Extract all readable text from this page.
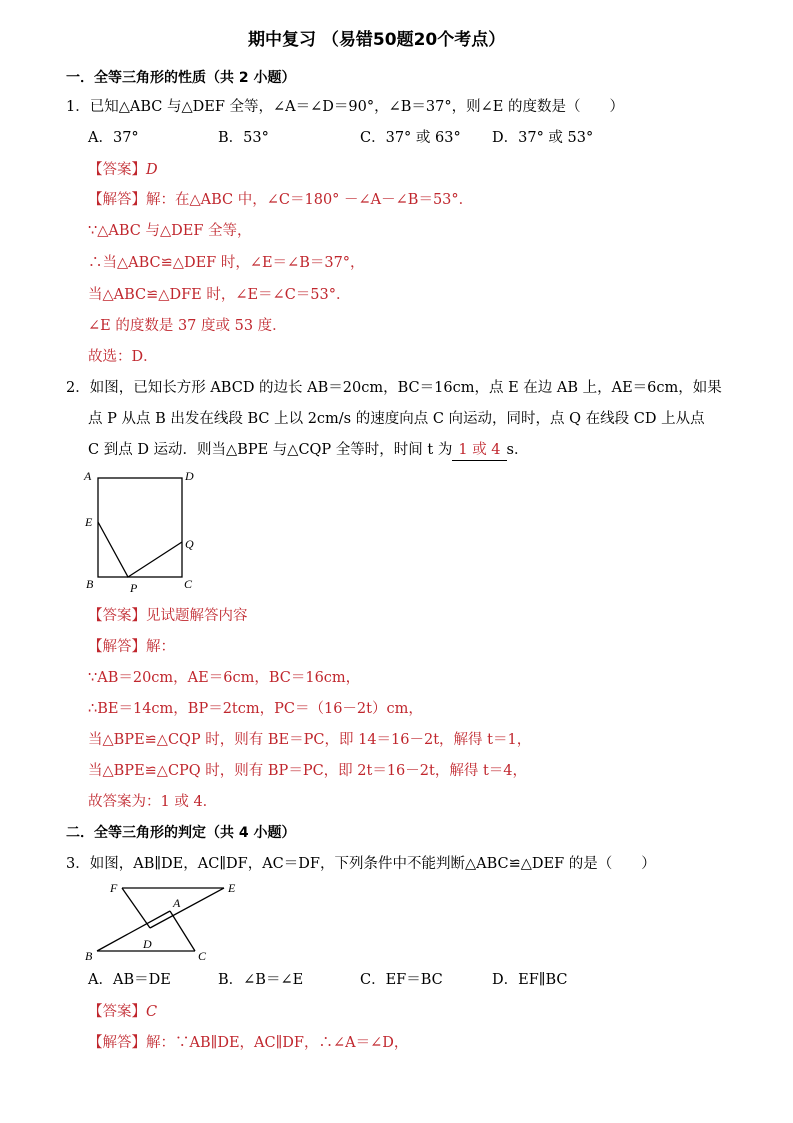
期中复习 （易错50题20个考点）
一．全等三角形的性质（共 2 小题）
1．已知△ABC 与△DEF 全等，∠A＝∠D＝90°，∠B＝37°，则∠E 的度数是（　　）
A．37°	B．53°	C．37° 或 63° D．37° 或 53°
【答案】D
【解答】解：在△ABC 中，∠C＝180° －∠A－∠B＝53°．
∵△ABC 与△DEF 全等，
∴当△ABC≌△DEF 时，∠E＝∠B＝37°，
当△ABC≌△DFE 时，∠E＝∠C＝53°．
∠E 的度数是 37 度或 53 度．
故选：D．
2．如图，已知长方形 ABCD 的边长 AB＝20cm，BC＝16cm，点 E 在边 AB 上，AE＝6cm，如果
点 P 从点 B 出发在线段 BC 上以 2cm/s 的速度向点 C 向运动，同时，点 Q 在线段 CD 上从点
C 到点 D 运动．则当△BPE 与△CQP 全等时，时间 t 为 1 或 4 s．
A	D
E
Q
B	P	C
【答案】见试题解答内容
【解答】解：
∵AB＝20cm，AE＝6cm，BC＝16cm，
∴BE＝14cm，BP＝2tcm，PC＝（16－2t）cm，
当△BPE≌△CQP 时，则有 BE＝PC，即 14＝16－2t，解得 t＝1，
当△BPE≌△CPQ 时，则有 BP＝PC，即 2t＝16－2t，解得 t＝4，
故答案为：1 或 4．
二．全等三角形的判定（共 4 小题）
3．如图，AB∥DE，AC∥DF，AC＝DF，下列条件中不能判断△ABC≌△DEF 的是（　　）
F	E
A
D
B	C
A．AB＝DE	B．∠B＝∠E	C．EF＝BC	D．EF∥BC
【答案】C
【解答】解：∵AB∥DE，AC∥DF，∴∠A＝∠D，
